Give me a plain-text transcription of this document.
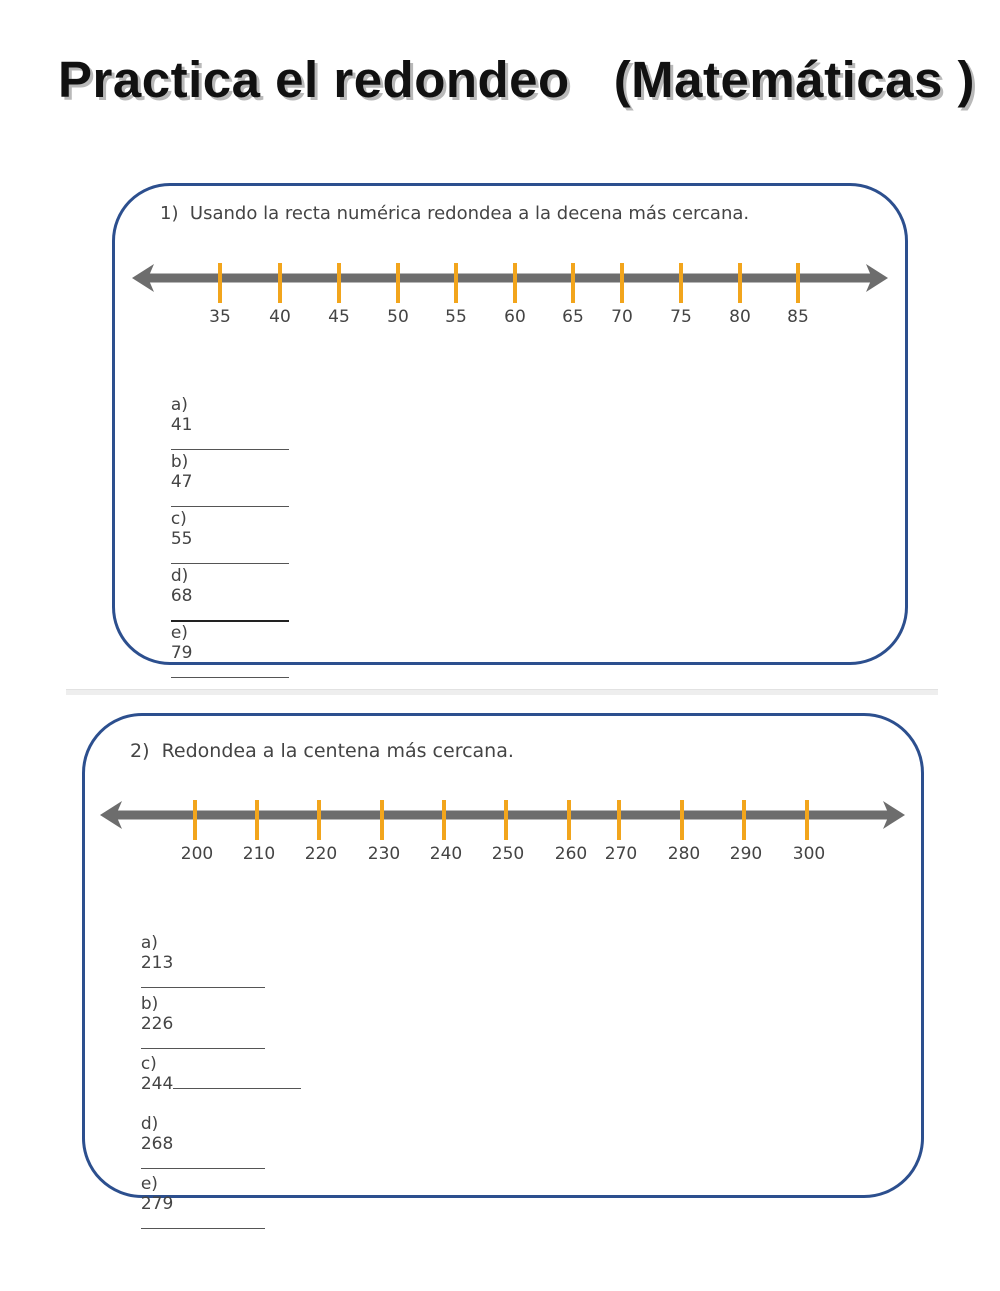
Practica el redondeo   (Matemáticas )
1)  Usando la recta numérica redondea a la decena más cercana.
35 40 45 50 55 60 65 70 75 80 85

a)
41

b)
47

c)
55

d)
68

e)
79

2)  Redondea a la centena más cercana.
200 210 220 230 240 250 260 270 280 290 300

a)
213

b)
226

c)
244

d)
268

e)
279
